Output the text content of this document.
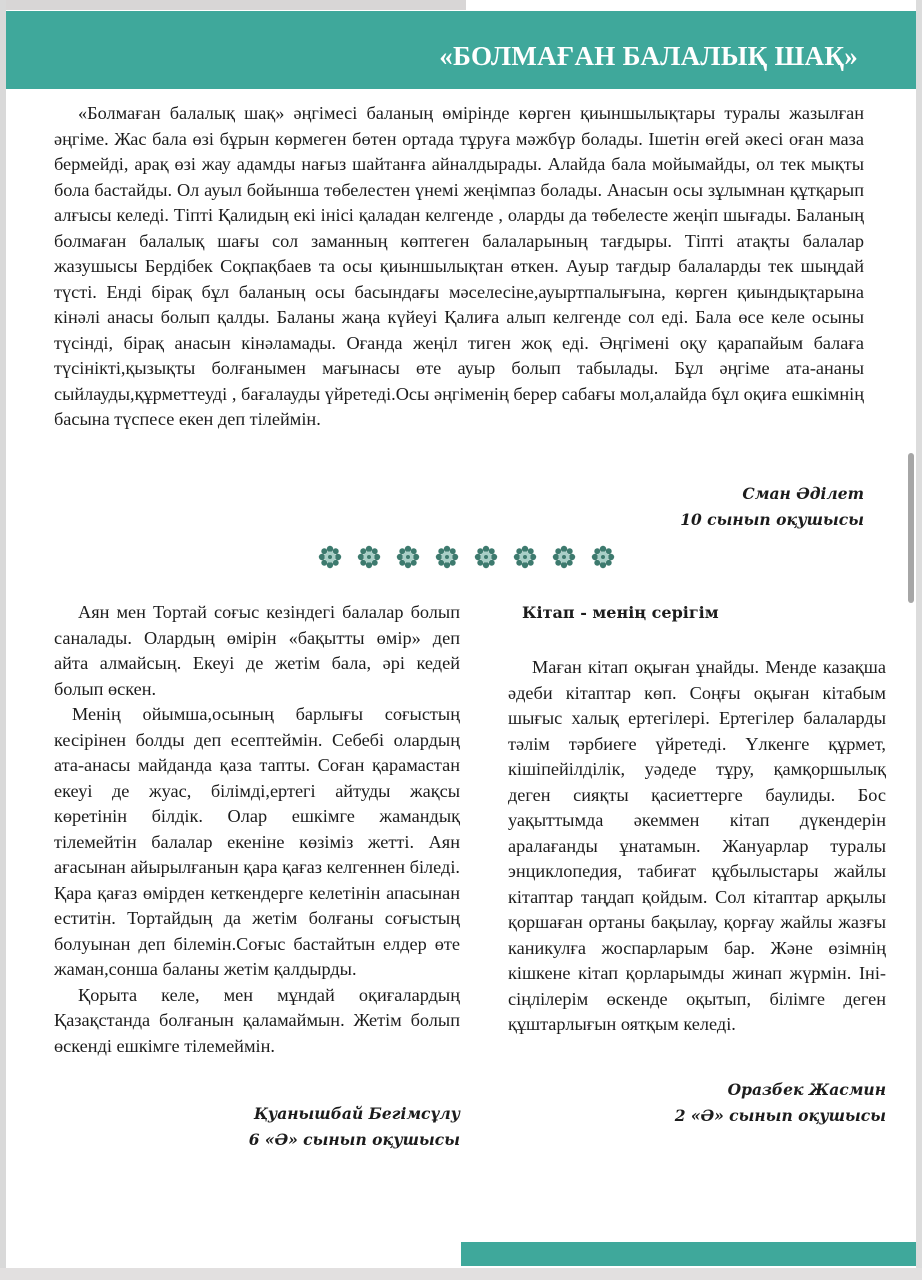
«БОЛМАҒАН БАЛАЛЫҚ ШАҚ»

«Болмаған балалық шақ» әңгімесі баланың өмірінде көрген қиыншылықтары туралы жазылған әңгіме. Жас бала өзі бұрын көрмеген бөтен ортада тұруға мәжбүр болады. Ішетін өгей әкесі оған маза бермейді, арақ өзі жау адамды нағыз шайтанға айналдырады. Алайда бала мойымайды, ол тек мықты бола бастайды. Ол ауыл бойынша төбелестен үнемі жеңімпаз болады. Анасын осы зұлымнан құтқарып алғысы келеді. Тіпті Қалидың екі інісі қаладан келгенде , оларды да төбелесте жеңіп шығады. Баланың болмаған балалық шағы сол заманның көптеген балаларының тағдыры. Тіпті атақты балалар жазушысы Бердібек Соқпақбаев та осы қиыншылықтан өткен. Ауыр тағдыр балаларды тек шыңдай түсті. Енді бірақ бұл баланың осы басындағы мәселесіне,ауыртпалығына, көрген қиындықтарына кінәлі анасы болып қалды. Баланы жаңа күйеуі Қалиға алып келгенде сол еді. Бала өсе келе осыны түсінді, бірақ анасын кінәламады. Оғанда жеңіл тиген жоқ еді. Әңгімені оқу қарапайым балаға түсінікті,қызықты болғанымен мағынасы өте ауыр болып табылады. Бұл әңгіме ата-ананы сыйлауды,құрметтеуді , бағалауды үйретеді.Осы әңгіменің берер сабағы мол,алайда бұл оқиға ешкімнің басына түспесе екен деп тілеймін.

Сман Әділет
10 сынып оқушысы

Аян мен Тортай соғыс кезіндегі балалар болып саналады. Олардың өмірін «бақытты өмір» деп айта алмайсың. Екеуі де жетім бала, әрі кедей болып өскен.

Менің ойымша,осының барлығы соғыстың кесірінен болды деп есептеймін. Себебі олардың ата-анасы майданда қаза тапты. Соған қарамастан екеуі де жуас, білімді,ертегі айтуды жақсы көретінін білдік. Олар ешкімге жамандық тілемейтін балалар екеніне көзіміз жетті. Аян ағасынан айырылғанын қара қағаз келгеннен біледі. Қара қағаз өмірден кеткендерге келетінін апасынан еститін. Тортайдың да жетім болғаны соғыстың болуынан деп білемін.Соғыс бастайтын елдер өте жаман,сонша баланы жетім қалдырды.

Қорыта келе, мен мұндай оқиғалардың Қазақстанда болғанын қаламаймын. Жетім болып өскенді ешкімге тілемеймін.

Қуанышбай Бегімсұлу
6 «Ә» сынып оқушысы
Кітап - менің серігім

Маған кітап оқыған ұнайды. Менде казақша әдеби кітаптар көп. Соңғы оқыған кітабым шығыс халық ертегілері. Ертегілер балаларды тәлім тәрбиеге үйретеді. Үлкенге құрмет, кішіпейілділік, уәдеде тұру, қамқоршылық деген сияқты қасиеттерге баулиды. Бос уақыттымда әкеммен кітап дүкендерін аралағанды ұнатамын. Жануарлар туралы энциклопедия, табиғат құбылыстары жайлы кітаптар таңдап қойдым. Сол кітаптар арқылы қоршаған ортаны бақылау, қорғау жайлы жазғы каникулға жоспарларым бар. Және өзімнің кішкене кітап қорларымды жинап жүрмін. Іні-сіңлілерім өскенде оқытып, білімге деген құштарлығын оятқым келеді.

Оразбек Жасмин
2 «Ә» сынып оқушысы
